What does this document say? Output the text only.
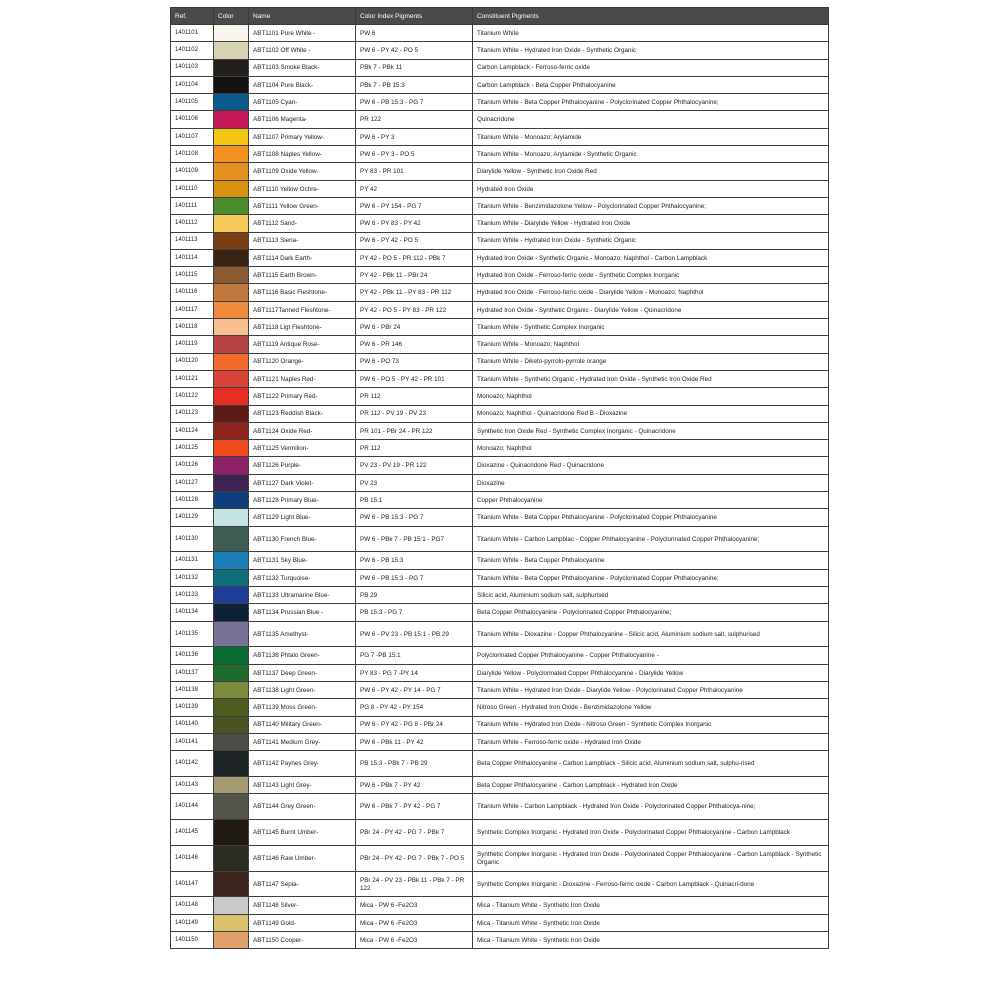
Ref.	Color	Name	Color Index Pigments	Constituent Pigments
1401101		ABT1101 Pure White -	PW 6	Titanium White
1401102		ABT1102 Off White -	PW 6 - PY 42 - PO 5	Titanium White - Hydrated Iron Oxide - Synthetic Organic
1401103		ABT1103 Smoke Black-	PBk 7 - PBk 11	Carbon Lampblack - Ferroso-ferric oxide
1401104		ABT1104 Pure Black-	PBk 7 - PB 15:3	Carbon Lampblack - Beta Copper Phthalocyanine
1401105		ABT1105 Cyan-	PW 6 - PB 15:3 - PG 7	Titanium White - Beta Copper Phthalocyanine - Polyclorinated Copper Phthalocyanine;
1401106		ABT1106 Magenta-	PR 122	Quinacridone
1401107		ABT1107 Primary Yellow-	PW 6 - PY 3	Titanium White - Monoazo; Arylamide
1401108		ABT1108 Naples Yellow-	PW 6 - PY 3 - PO 5	Titanium White - Monoazo; Arylamide - Synthetic Organic
1401109		ABT1109 Oxide Yellow-	PY 83 - PR 101	Diarylide Yellow - Synthetic Iron Oxide Red
1401110		ABT1110 Yellow Ochre-	PY 42	Hydrated Iron Oxide
1401111		ABT1111 Yellow Green-	PW 6 - PY 154 - PG 7	Titanium White - Benzimidazolone Yellow - Polyclorinated Copper Phthalocyanine;
1401112		ABT1112 Sand-	PW 6 - PY 83 - PY 42	Titanium White - Diarylide Yellow - Hydrated Iron Oxide
1401113		ABT1113 Siena-	PW 6 - PY 42 - PO 5	Titanium White - Hydrated Iron Oxide - Synthetic Organic
1401114		ABT1114 Dark Earth-	PY 42 - PO 5 - PR 112 - PBk 7	Hydrated Iron Oxide - Synthetic Organic - Monoazo; Naphthol - Carbon Lampblack
1401115		ABT1115 Earth Brown-	PY 42 - PBk 11 - PBr 24	Hydrated Iron Oxide - Ferroso-ferric oxide - Synthetic Complex Inorganic
1401116		ABT1116 Basic Fleshtone-	PY 42 - PBk 11 - PY 83 - PR 112	Hydrated Iron Oxide - Ferroso-ferric oxide - Diarylide Yellow - Monoazo; Naphthol
1401117		ABT1117Tanned Fleshtone-	PY 42 - PO 5 - PY 83 - PR 122	Hydrated Iron Oxide - Synthetic Organic - Diarylide Yellow - Quinacridone
1401118		ABT1118 Ligt Fleshtone-	PW 6 - PBr 24	Titanium White - Synthetic Complex Inorganic
1401119		ABT1119 Antique Rose-	PW 6 - PR 146	Titanium White - Monoazo; Naphthol
1401120		ABT1120 Orange-	PW 6 - PO 73	Titanium White - Diketo-pyrrolo-pyrrole orange
1401121		ABT1121 Naples Red-	PW 6 - PO 5 - PY 42 - PR 101	Titanium White - Synthetic Organic - Hydrated Iron Oxide - Synthetic Iron Oxide Red
1401122		ABT1122 Primary Red-	PR 112	Monoazo; Naphthol
1401123		ABT1123 Reddish Black-	PR 112 - PV 19 - PV 23	Monoazo; Naphthol - Quinacridone Red B - Dioxazine
1401124		ABT1124 Oxide Red-	PR 101 - PBr 24 - PR 122	Synthetic Iron Oxide Red - Synthetic Complex Inorganic - Quinacridone
1401125		ABT1125 Vermilion-	PR 112	Monoazo; Naphthol
1401126		ABT1126 Purple-	PV 23 - PV 19 - PR 122	Dioxazine - Quinacridone Red - Quinacridone
1401127		ABT1127 Dark Violet-	PV 23	Dioxazine
1401128		ABT1128 Primary Blue-	PB 15:1	Copper Phthalocyanine
1401129		ABT1129 Light Blue-	PW 6 - PB 15:3 - PG 7	Titanium White - Beta Copper Phthalocyanine - Polyclorinated Copper Phthalocyanine
1401130		ABT1130 French Blue-	PW 6 - PBk 7 - PB 15:1 - PG7	Titanium White - Carbon Lampblac - Copper Phthalocyanine - Polyclorinated Copper Phthalocyanine;
1401131		ABT1131 Sky Blue-	PW 6 - PB 15:3	Titanium White - Beta Copper Phthalocyanine
1401132		ABT1132 Turquoise-	PW 6 - PB 15:3 - PG 7	Titanium White - Beta Copper Phthalocyanine - Polyclorinated Copper Phthalocyanine;
1401133		ABT1133 Ultramarine Blue-	PB 29	Silicic acid, Aluminium sodium salt, sulphurised
1401134		ABT1134 Prussian Blue -	PB 15:3 - PG 7	Beta Copper Phthalocyanine - Polyclorinated Copper Phthalocyanine;
1401135		ABT1135 Amethyst-	PW 6 - PV 23 - PB 15:1 - PB 29	Titanium White - Dioxazine - Copper Phthalocyanine - Silicic acid, Aluminium sodium salt, sulphurised
1401136		ABT1136 Phtalo Green-	PG 7 -PB 15:1	Polyclorinated Copper Phthalocyanine - Copper Phthalocyanine -
1401137		ABT1137 Deep Green-	PY 83 - PG 7 -PY 14	Diarylide Yellow - Polyclorinated Copper Phthalocyanine - Diarylide Yellow
1401138		ABT1138 Light Green-	PW 6 - PY 42 - PY 14 - PG 7	Titanium White - Hydrated Iron Oxide - Diarylide Yellow - Polyclorinated Copper Phthalocyanine
1401139		ABT1139 Moss Green-	PG 8 - PY 42 - PY 154	Nitroso Green - Hydrated Iron Oxide - Benzimidazolone Yellow
1401140		ABT1140 Military Green-	PW 6 - PY 42 - PG 8 - PBr 24	Titanium White - Hydrated Iron Oxide - Nitroso Green - Synthetic Complex Inorganic
1401141		ABT1141 Medium Grey-	PW 6 - PBk 11 - PY 42	Titanium White - Ferroso-ferric oxide - Hydrated Iron Oxide
1401142		ABT1142 Paynes Grey-	PB 15:3 - PBk 7 - PB 29	Beta Copper Phthalocyanine - Carbon Lampblack - Silicic acid, Aluminium sodium salt, sulphu-rised
1401143		ABT1143 Light Grey-	PW 6 - PBk 7 - PY 42	Beta Copper Phthalocyanine - Carbon Lampblack - Hydrated Iron Oxide
1401144		ABT1144 Grey Green-	PW 6 - PBk 7 - PY 42 - PG 7	Titanium White - Carbon Lampblack - Hydrated Iron Oxide - Polyclorinated Copper Phthalocya-nine;
1401145		ABT1145 Burnt Umber-	PBr 24 - PY 42 - PG 7 - PBk 7	Synthetic Complex Inorganic - Hydrated Iron Oxide - Polyclorinated Copper Phthalocyanine - Carbon Lampblack
1401146		ABT1146 Raw Umber-	PBr 24 - PY 42 - PG 7 - PBk 7 - PO 5	Synthetic Complex Inorganic - Hydrated Iron Oxide - Polyclorinated Copper Phthalocyanine - Carbon Lampblack - Synthetic Organic
1401147		ABT1147 Sepia-	PBr 24 - PV 23 - PBk 11 - PBk 7 - PR 122	Synthetic Complex Inorganic - Dioxazine - Ferroso-ferric oxide - Carbon Lampblack - Quinacri-done
1401148		ABT1148 Silver-	Mica - PW 6 -Fe2O3	Mica - Titanium White - Synthetic Iron Oxide
1401149		ABT1149 Gold-	Mica - PW 6 -Fe2O3	Mica - Titanium White - Synthetic Iron Oxide
1401150		ABT1150 Cooper-	Mica - PW 6 -Fe2O3	Mica - Titanium White - Synthetic Iron Oxide
